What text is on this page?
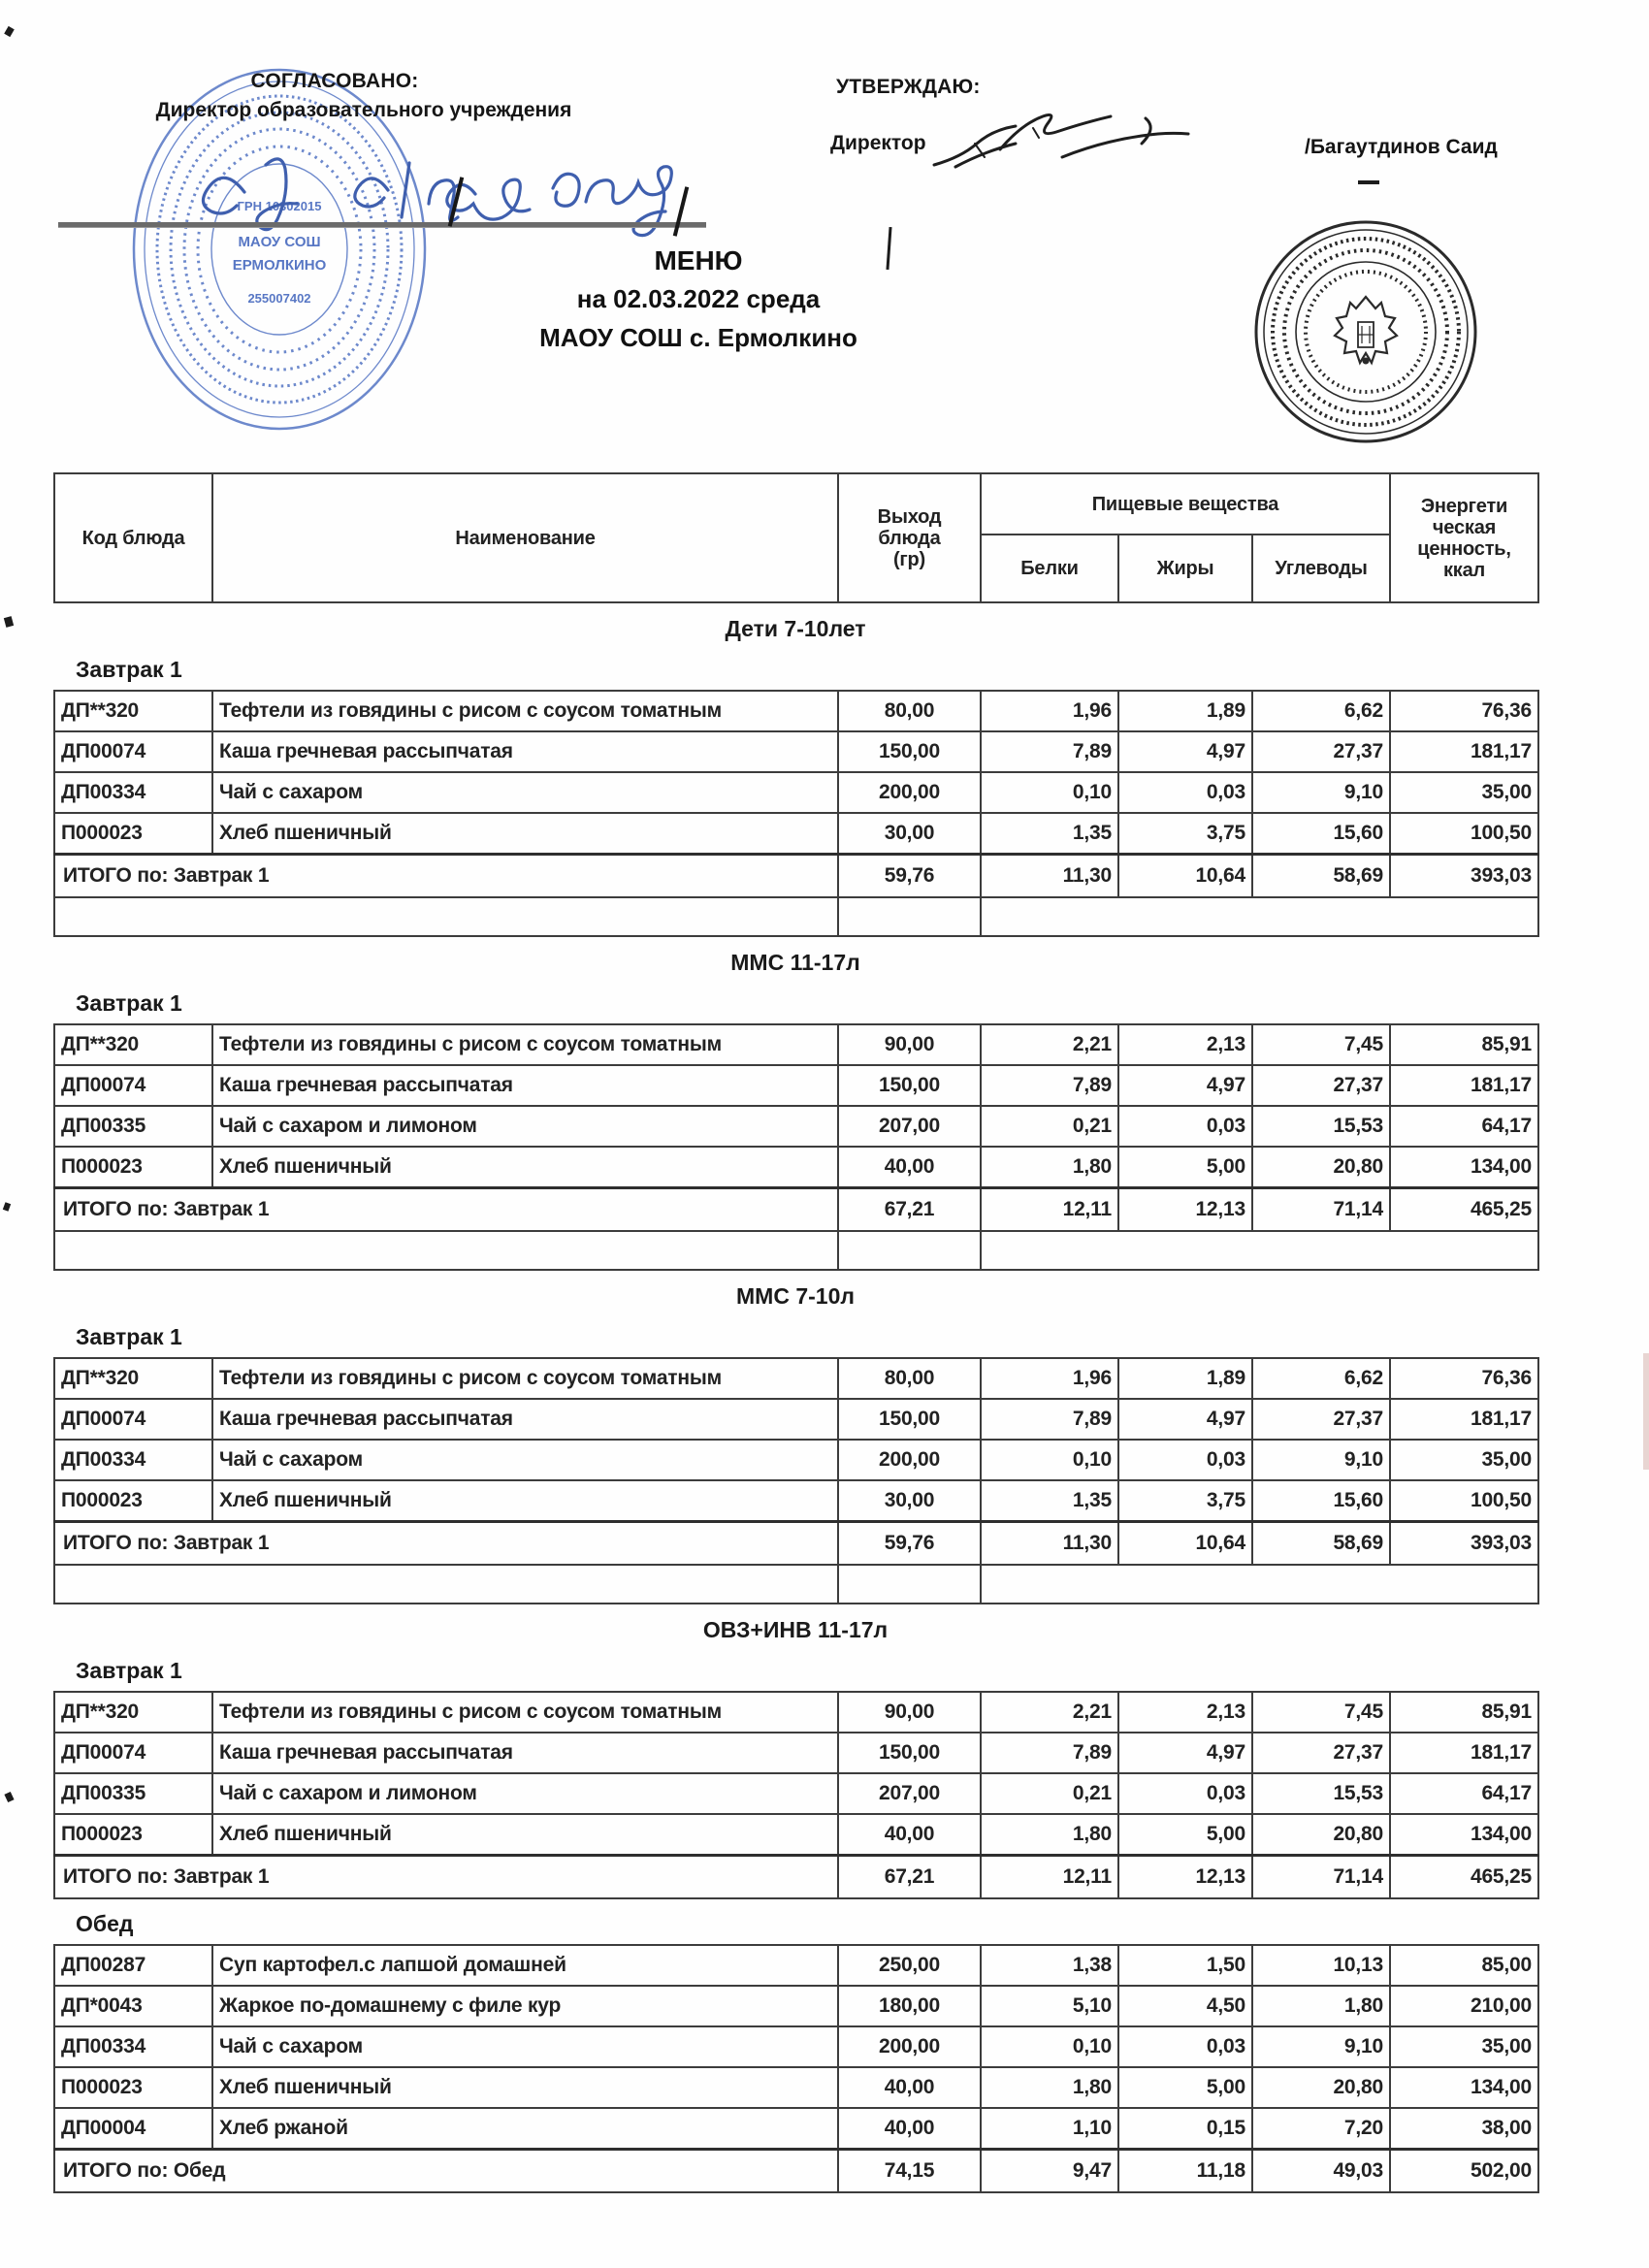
ГРН 10302015
МАОУ СОШ
ЕРМОЛКИНО
255007402
СОГЛАСОВАНО:
Директор образовательного учреждения
УТВЕРЖДАЮ:
Директор	/Багаутдинов Саид
МЕНЮ
на 02.03.2022 среда
МАОУ СОШ с. Ермолкино
Код блюда	Наименование	Выход блюда (гр)	Пищевые вещества			Энергети ческая ценность, ккал
			Белки	Жиры	Углеводы	
Дети 7-10лет
Завтрак 1
ДП**320	Тефтели из говядины с рисом с соусом томатным	80,00	1,96	1,89	6,62	76,36
ДП00074	Каша гречневая рассыпчатая	150,00	7,89	4,97	27,37	181,17
ДП00334	Чай с сахаром	200,00	0,10	0,03	9,10	35,00
П000023	Хлеб пшеничный	30,00	1,35	3,75	15,60	100,50
ИТОГО по: Завтрак 1		59,76	11,30	10,64	58,69	393,03

ММС 11-17л
Завтрак 1
ДП**320	Тефтели из говядины с рисом с соусом томатным	90,00	2,21	2,13	7,45	85,91
ДП00074	Каша гречневая рассыпчатая	150,00	7,89	4,97	27,37	181,17
ДП00335	Чай с сахаром и лимоном	207,00	0,21	0,03	15,53	64,17
П000023	Хлеб пшеничный	40,00	1,80	5,00	20,80	134,00
ИТОГО по: Завтрак 1		67,21	12,11	12,13	71,14	465,25

ММС 7-10л
Завтрак 1
ДП**320	Тефтели из говядины с рисом с соусом томатным	80,00	1,96	1,89	6,62	76,36
ДП00074	Каша гречневая рассыпчатая	150,00	7,89	4,97	27,37	181,17
ДП00334	Чай с сахаром	200,00	0,10	0,03	9,10	35,00
П000023	Хлеб пшеничный	30,00	1,35	3,75	15,60	100,50
ИТОГО по: Завтрак 1		59,76	11,30	10,64	58,69	393,03

ОВЗ+ИНВ 11-17л
Завтрак 1
ДП**320	Тефтели из говядины с рисом с соусом томатным	90,00	2,21	2,13	7,45	85,91
ДП00074	Каша гречневая рассыпчатая	150,00	7,89	4,97	27,37	181,17
ДП00335	Чай с сахаром и лимоном	207,00	0,21	0,03	15,53	64,17
П000023	Хлеб пшеничный	40,00	1,80	5,00	20,80	134,00
ИТОГО по: Завтрак 1		67,21	12,11	12,13	71,14	465,25
Обед
ДП00287	Суп картофел.с лапшой домашней	250,00	1,38	1,50	10,13	85,00
ДП*0043	Жаркое по-домашнему с филе кур	180,00	5,10	4,50	1,80	210,00
ДП00334	Чай с сахаром	200,00	0,10	0,03	9,10	35,00
П000023	Хлеб пшеничный	40,00	1,80	5,00	20,80	134,00
ДП00004	Хлеб ржаной	40,00	1,10	0,15	7,20	38,00
ИТОГО по: Обед		74,15	9,47	11,18	49,03	502,00
